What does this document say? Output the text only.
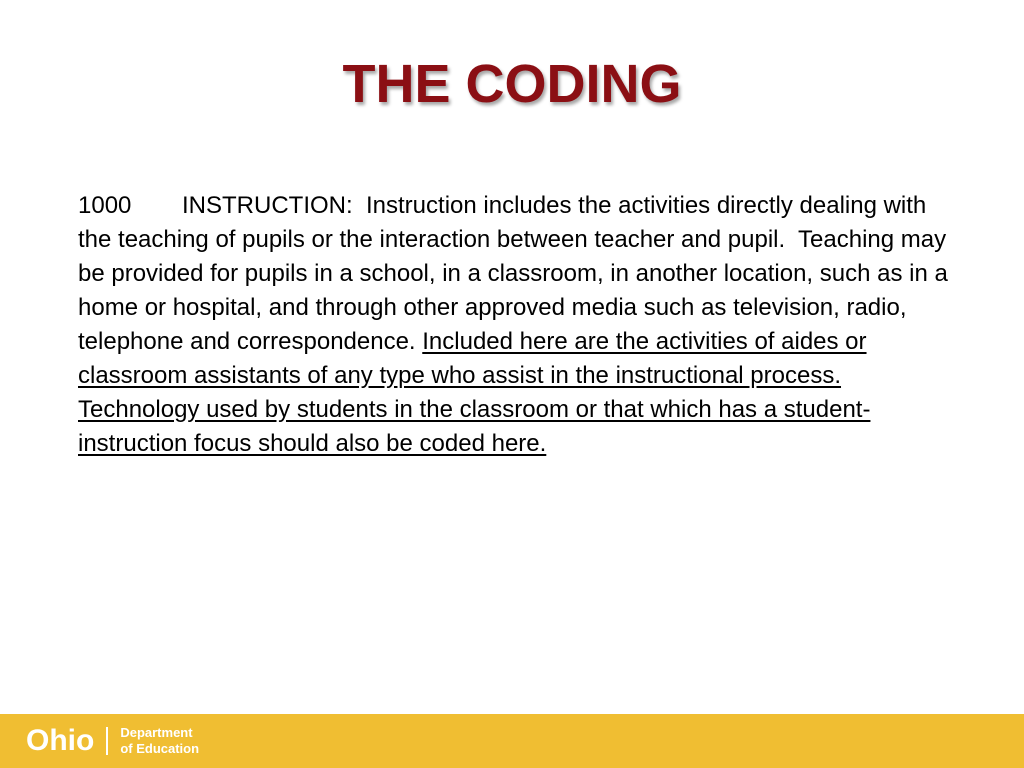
THE CODING

1000 INSTRUCTION:  Instruction includes the activities directly dealing with the teaching of pupils or the interaction between teacher and pupil.  Teaching may be provided for pupils in a school, in a classroom, in another location, such as in a home or hospital, and through other approved media such as television, radio, telephone and correspondence. Included here are the activities of aides or classroom assistants of any type who assist in the instructional process. Technology used by students in the classroom or that which has a student-instruction focus should also be coded here.

Ohio Department
of Education
